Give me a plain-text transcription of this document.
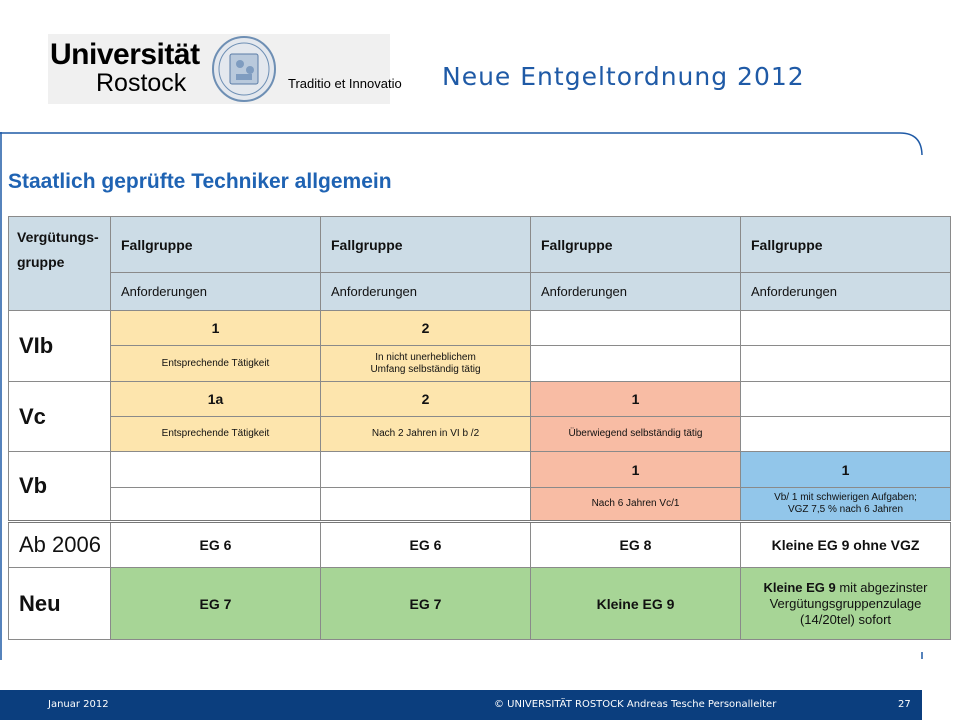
Universität
Rostock	Traditio et Innovatio Neue Entgeltordnung 2012
Staatlich geprüfte Techniker allgemein
Vergütungs-
gruppe	Fallgruppe	Fallgruppe	Fallgruppe	Fallgruppe
	Anforderungen	Anforderungen	Anforderungen	Anforderungen
VIb	1	2		
	Entsprechende Tätigkeit	In nicht unerheblichem
Umfang selbständig tätig		
Vc	1a	2	1	
	Entsprechende Tätigkeit	Nach 2 Jahren in VI b /2	Überwiegend selbständig tätig	
Vb			1	1
			Nach 6 Jahren Vc/1	Vb/ 1 mit schwierigen Aufgaben;
VGZ 7,5 % nach 6 Jahren
Ab 2006	EG 6	EG 6	EG 8	Kleine EG 9 ohne VGZ
Neu	EG 7	EG 7	Kleine EG 9	Kleine EG 9 mit abgezinster
Vergütungsgruppenzulage
(14/20tel) sofort
Januar 2012	© UNIVERSITÄT ROSTOCK Andreas Tesche Personalleiter	27
